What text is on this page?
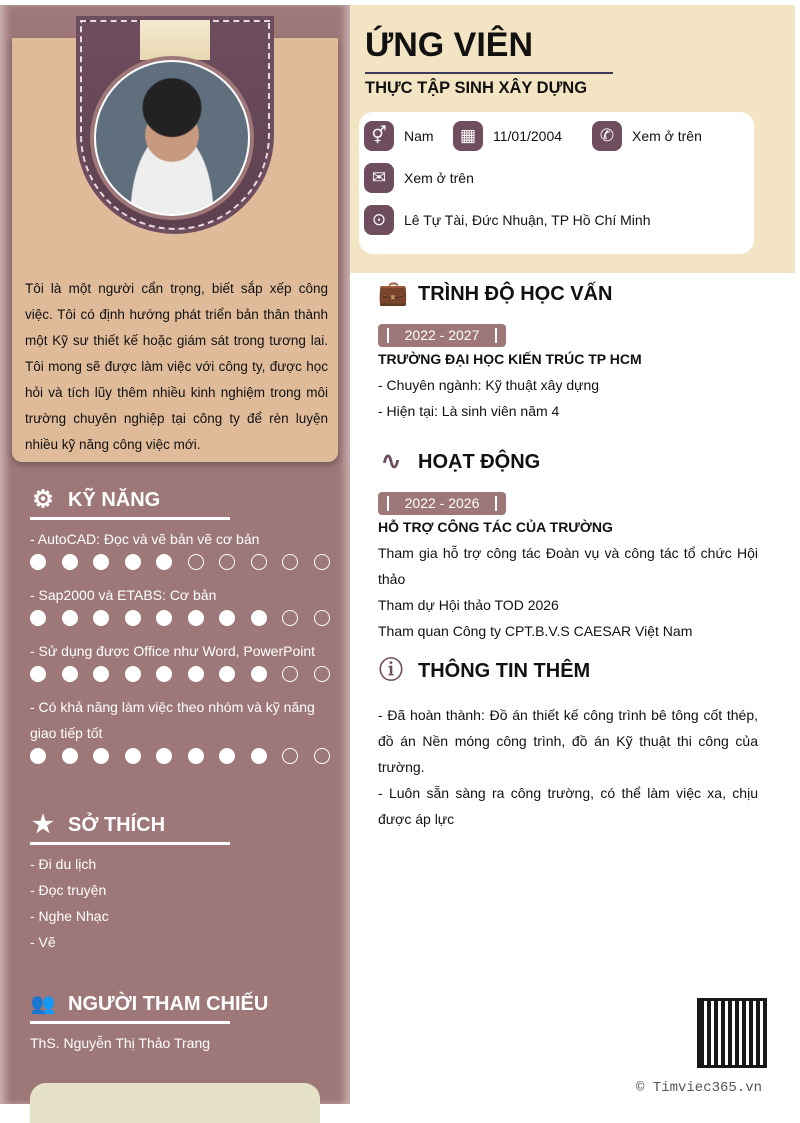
Tôi là một người cẩn trọng, biết sắp xếp công việc. Tôi có định hướng phát triển bản thân thành một Kỹ sư thiết kế hoặc giám sát trong tương lai. Tôi mong sẽ được làm việc với công ty, được học hỏi và tích lũy thêm nhiều kinh nghiệm trong môi trường chuyên nghiệp tại công ty để rèn luyện nhiều kỹ năng công việc mới.
⚙ KỸ NĂNG
- AutoCAD: Đọc và vẽ bản vẽ cơ bản
- Sap2000 và ETABS: Cơ bản
- Sử dụng được Office như Word, PowerPoint
- Có khả năng làm việc theo nhóm và kỹ năng giao tiếp tốt
★ SỞ THÍCH
- Đi du lịch
- Đọc truyện
- Nghe Nhạc
- Vẽ
👥 NGƯỜI THAM CHIẾU
ThS. Nguyễn Thị Thảo Trang
ỨNG VIÊN
THỰC TẬP SINH XÂY DỰNG
⚥	Nam	▦	11/01/2004	✆	Xem ở trên
✉	Xem ở trên
⊙	Lê Tự Tài, Đức Nhuận, TP Hồ Chí Minh
💼 TRÌNH ĐỘ HỌC VẤN
2022 - 2027
TRƯỜNG ĐẠI HỌC KIẾN TRÚC TP HCM
- Chuyên ngành: Kỹ thuật xây dựng
- Hiện tại: Là sinh viên năm 4
∿ HOẠT ĐỘNG
2022 - 2026
HỖ TRỢ CÔNG TÁC CỦA TRƯỜNG
Tham gia hỗ trợ công tác Đoàn vụ và công tác tổ chức Hội thảo
Tham dự Hội thảo TOD 2026
Tham quan Công ty CPT.B.V.S CAESAR Việt Nam
ⓘ THÔNG TIN THÊM
- Đã hoàn thành: Đồ án thiết kế công trình bê tông cốt thép, đồ án Nền móng công trình, đồ án Kỹ thuật thi công của trường.
- Luôn sẵn sàng ra công trường, có thể làm việc xa, chịu được áp lực
© Timviec365.vn
